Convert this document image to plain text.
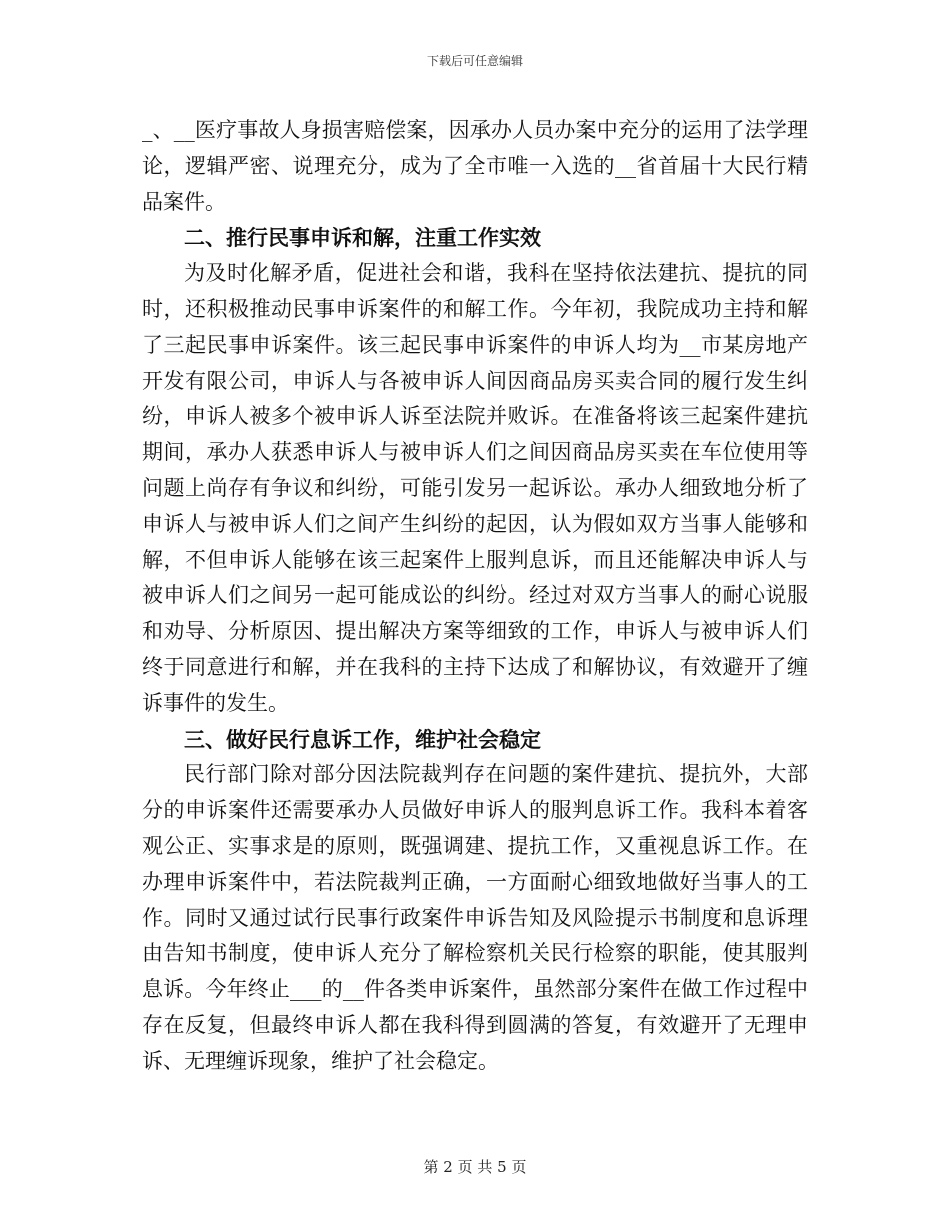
下载后可任意编辑

_、__医疗事故人身损害赔偿案，因承办人员办案中充分的运用了法学理论，逻辑严密、说理充分，成为了全市唯一入选的__省首届十大民行精品案件。

二、推行民事申诉和解，注重工作实效

为及时化解矛盾，促进社会和谐，我科在坚持依法建抗、提抗的同时，还积极推动民事申诉案件的和解工作。今年初，我院成功主持和解了三起民事申诉案件。该三起民事申诉案件的申诉人均为__市某房地产开发有限公司，申诉人与各被申诉人间因商品房买卖合同的履行发生纠纷，申诉人被多个被申诉人诉至法院并败诉。在准备将该三起案件建抗期间，承办人获悉申诉人与被申诉人们之间因商品房买卖在车位使用等问题上尚存有争议和纠纷，可能引发另一起诉讼。承办人细致地分析了申诉人与被申诉人们之间产生纠纷的起因，认为假如双方当事人能够和解，不但申诉人能够在该三起案件上服判息诉，而且还能解决申诉人与被申诉人们之间另一起可能成讼的纠纷。经过对双方当事人的耐心说服和劝导、分析原因、提出解决方案等细致的工作，申诉人与被申诉人们终于同意进行和解，并在我科的主持下达成了和解协议，有效避开了缠诉事件的发生。

三、做好民行息诉工作，维护社会稳定

民行部门除对部分因法院裁判存在问题的案件建抗、提抗外，大部分的申诉案件还需要承办人员做好申诉人的服判息诉工作。我科本着客观公正、实事求是的原则，既强调建、提抗工作，又重视息诉工作。在办理申诉案件中，若法院裁判正确，一方面耐心细致地做好当事人的工作。同时又通过试行民事行政案件申诉告知及风险提示书制度和息诉理由告知书制度，使申诉人充分了解检察机关民行检察的职能，使其服判息诉。今年终止___的__件各类申诉案件，虽然部分案件在做工作过程中存在反复，但最终申诉人都在我科得到圆满的答复，有效避开了无理申诉、无理缠诉现象，维护了社会稳定。

第 2 页 共 5 页
